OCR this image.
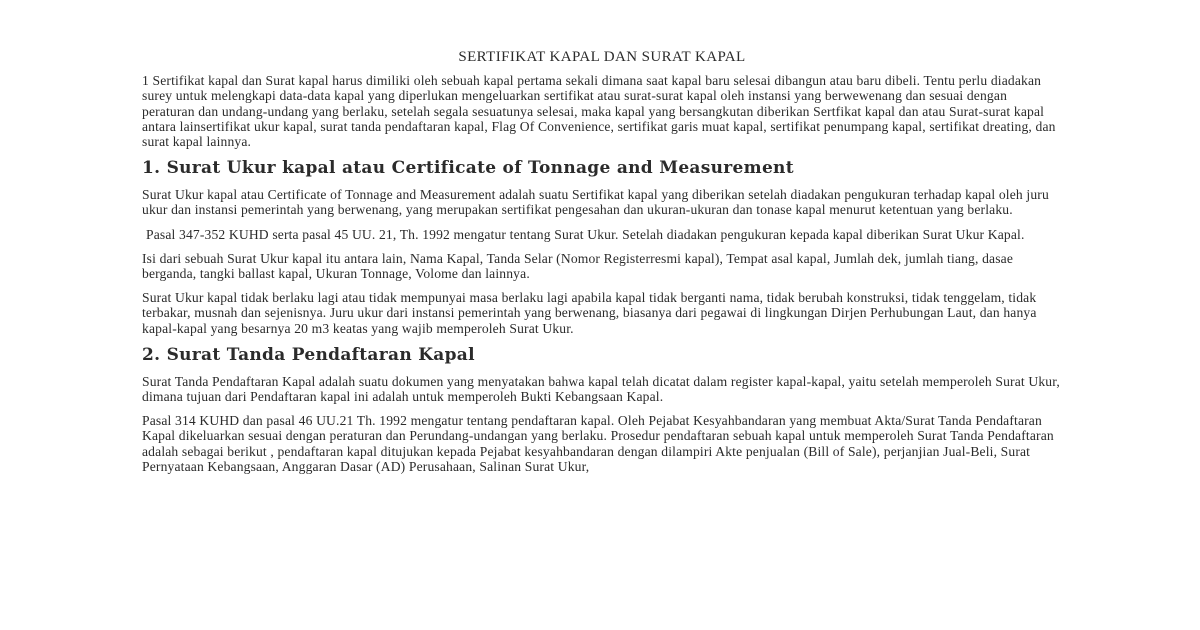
SERTIFIKAT KAPAL DAN SURAT KAPAL

1 Sertifikat kapal dan Surat kapal harus dimiliki oleh sebuah kapal pertama sekali dimana saat kapal baru selesai dibangun atau baru dibeli. Tentu perlu diadakan surey untuk melengkapi data-data kapal yang diperlukan mengeluarkan sertifikat atau surat-surat kapal oleh instansi yang berwewenang dan sesuai dengan peraturan dan undang-undang yang berlaku, setelah segala sesuatunya selesai, maka kapal yang bersangkutan diberikan Sertfikat kapal dan atau Surat-surat kapal antara lainsertifikat ukur kapal, surat tanda pendaftaran kapal, Flag Of Convenience, sertifikat garis muat kapal, sertifikat penumpang kapal, sertifikat dreating, dan surat kapal lainnya.

1. Surat Ukur kapal atau Certificate of Tonnage and Measurement

Surat Ukur kapal atau Certificate of Tonnage and Measurement adalah suatu Sertifikat kapal yang diberikan setelah diadakan pengukuran terhadap kapal oleh juru ukur dan instansi pemerintah yang berwenang, yang merupakan sertifikat pengesahan dan ukuran-ukuran dan tonase kapal menurut ketentuan yang berlaku.

Pasal 347-352 KUHD serta pasal 45 UU. 21, Th. 1992 mengatur tentang Surat Ukur. Setelah diadakan pengukuran kepada kapal diberikan Surat Ukur Kapal.

Isi dari sebuah Surat Ukur kapal itu antara lain, Nama Kapal, Tanda Selar (Nomor Registerresmi kapal), Tempat asal kapal, Jumlah dek, jumlah tiang, dasae berganda, tangki ballast kapal, Ukuran Tonnage, Volome dan lainnya.

Surat Ukur kapal tidak berlaku lagi atau tidak mempunyai masa berlaku lagi apabila kapal tidak berganti nama, tidak berubah konstruksi, tidak tenggelam, tidak terbakar, musnah dan sejenisnya. Juru ukur dari instansi pemerintah yang berwenang, biasanya dari pegawai di lingkungan Dirjen Perhubungan Laut, dan hanya kapal-kapal yang besarnya 20 m3 keatas yang wajib memperoleh Surat Ukur.

2. Surat Tanda Pendaftaran Kapal

Surat Tanda Pendaftaran Kapal adalah suatu dokumen yang menyatakan bahwa kapal telah dicatat dalam register kapal-kapal, yaitu setelah memperoleh Surat Ukur, dimana tujuan dari Pendaftaran kapal ini adalah untuk memperoleh Bukti Kebangsaan Kapal.

Pasal 314 KUHD dan pasal 46 UU.21 Th. 1992 mengatur tentang pendaftaran kapal. Oleh Pejabat Kesyahbandaran yang membuat Akta/Surat Tanda Pendaftaran Kapal dikeluarkan sesuai dengan peraturan dan Perundang-undangan yang berlaku. Prosedur pendaftaran sebuah kapal untuk memperoleh Surat Tanda Pendaftaran adalah sebagai berikut , pendaftaran kapal ditujukan kepada Pejabat kesyahbandaran dengan dilampiri Akte penjualan (Bill of Sale), perjanjian Jual-Beli, Surat Pernyataan Kebangsaan, Anggaran Dasar (AD) Perusahaan, Salinan Surat Ukur,
